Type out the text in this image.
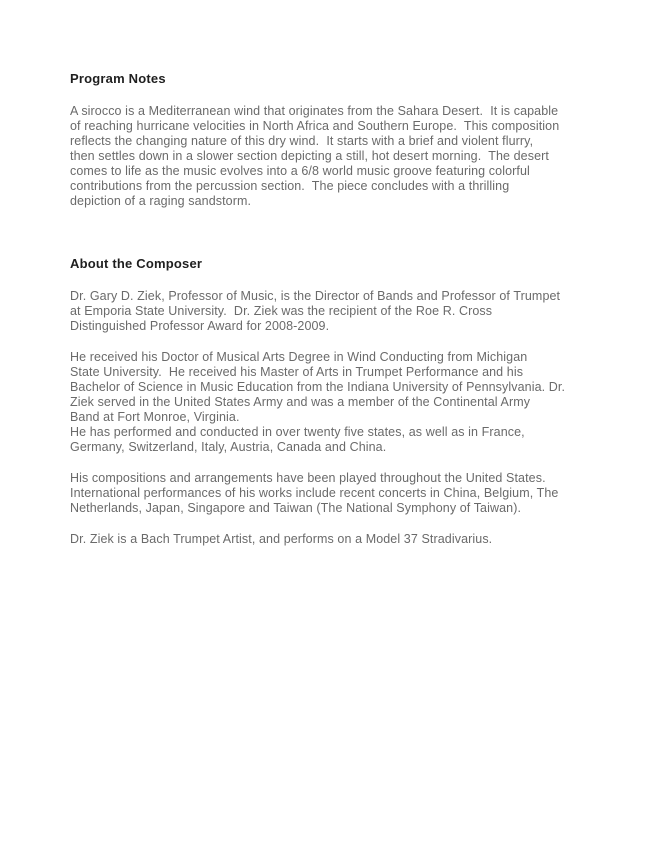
Program Notes
A sirocco is a Mediterranean wind that originates from the Sahara Desert.  It is capable
of reaching hurricane velocities in North Africa and Southern Europe.  This composition
reflects the changing nature of this dry wind.  It starts with a brief and violent flurry,
then settles down in a slower section depicting a still, hot desert morning.  The desert
comes to life as the music evolves into a 6/8 world music groove featuring colorful
contributions from the percussion section.  The piece concludes with a thrilling
depiction of a raging sandstorm.
About the Composer
Dr. Gary D. Ziek, Professor of Music, is the Director of Bands and Professor of Trumpet
at Emporia State University.  Dr. Ziek was the recipient of the Roe R. Cross
Distinguished Professor Award for 2008-2009.
He received his Doctor of Musical Arts Degree in Wind Conducting from Michigan
State University.  He received his Master of Arts in Trumpet Performance and his
Bachelor of Science in Music Education from the Indiana University of Pennsylvania. Dr.
Ziek served in the United States Army and was a member of the Continental Army
Band at Fort Monroe, Virginia.
He has performed and conducted in over twenty five states, as well as in France,
Germany, Switzerland, Italy, Austria, Canada and China.
His compositions and arrangements have been played throughout the United States.
International performances of his works include recent concerts in China, Belgium, The
Netherlands, Japan, Singapore and Taiwan (The National Symphony of Taiwan).
Dr. Ziek is a Bach Trumpet Artist, and performs on a Model 37 Stradivarius.
